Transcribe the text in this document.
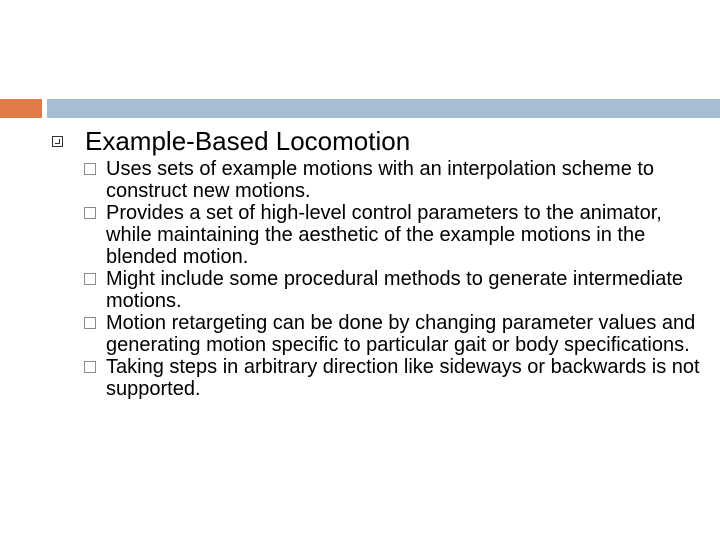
Example-Based Locomotion
Uses sets of example motions with an interpolation scheme to construct new motions.
Provides a set of high-level control parameters to the animator, while maintaining the aesthetic of the example motions in the blended motion.
Might include some procedural methods to generate intermediate motions.
Motion retargeting can be done by changing parameter values and generating motion specific to particular gait or body specifications.
Taking steps in arbitrary direction like sideways or backwards is not supported.
